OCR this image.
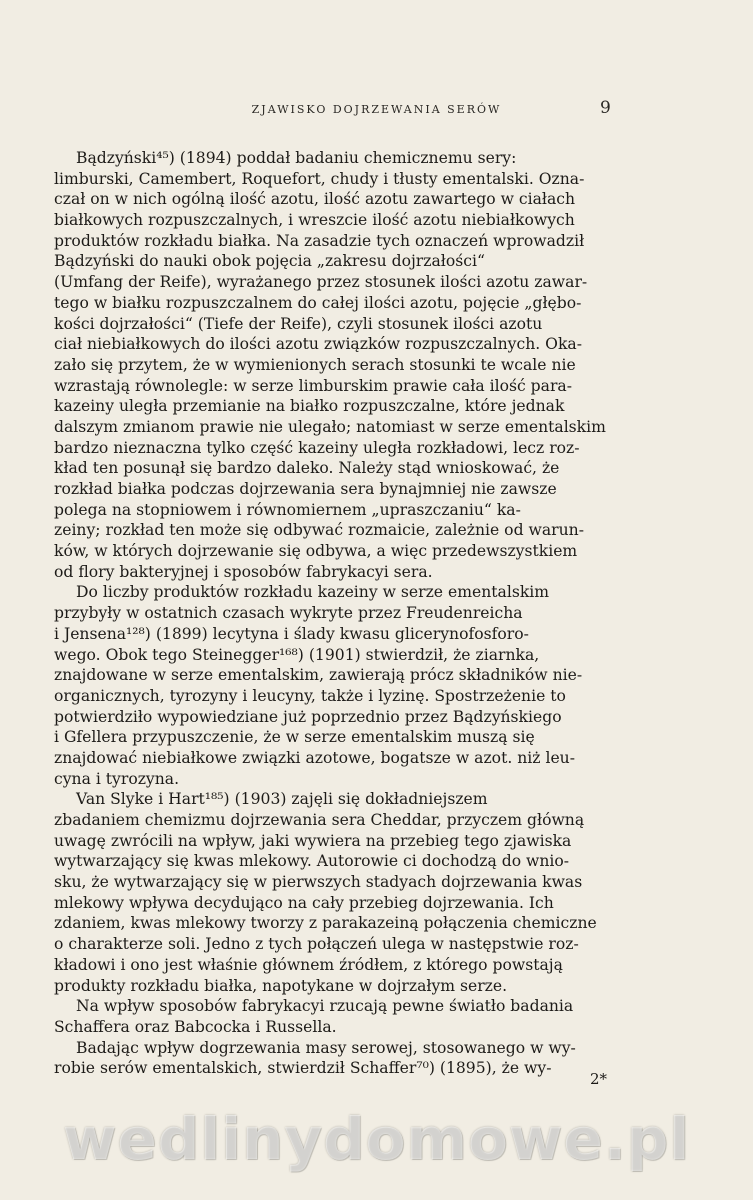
ZJAWISKO DOJRZEWANIA SERÓW	9
Bądzyński⁴⁵) (1894) poddał badaniu chemicznemu sery:
limburski, Camembert, Roquefort, chudy i tłusty ementalski. Ozna-
czał on w nich ogólną ilość azotu, ilość azotu zawartego w ciałach
białkowych rozpuszczalnych, i wreszcie ilość azotu niebiałkowych
produktów rozkładu białka. Na zasadzie tych oznaczeń wprowadził
Bądzyński do nauki obok pojęcia „zakresu dojrzałości“
(Umfang der Reife), wyrażanego przez stosunek ilości azotu zawar-
tego w białku rozpuszczalnem do całej ilości azotu, pojęcie „głębo-
kości dojrzałości“ (Tiefe der Reife), czyli stosunek ilości azotu
ciał niebiałkowych do ilości azotu związków rozpuszczalnych. Oka-
zało się przytem, że w wymienionych serach stosunki te wcale nie
wzrastają równolegle: w serze limburskim prawie cała ilość para-
kazeiny uległa przemianie na białko rozpuszczalne, które jednak
dalszym zmianom prawie nie ulegało; natomiast w serze ementalskim
bardzo nieznaczna tylko część kazeiny uległa rozkładowi, lecz roz-
kład ten posunął się bardzo daleko. Należy stąd wnioskować, że
rozkład białka podczas dojrzewania sera bynajmniej nie zawsze
polega na stopniowem i równomiernem „upraszczaniu“ ka-
zeiny; rozkład ten może się odbywać rozmaicie, zależnie od warun-
ków, w których dojrzewanie się odbywa, a więc przedewszystkiem
od flory bakteryjnej i sposobów fabrykacyi sera.
Do liczby produktów rozkładu kazeiny w serze ementalskim
przybyły w ostatnich czasach wykryte przez Freudenreicha
i Jensena¹²⁸) (1899) lecytyna i ślady kwasu glicerynofosforo-
wego. Obok tego Steinegger¹⁶⁸) (1901) stwierdził, że ziarnka,
znajdowane w serze ementalskim, zawierają prócz składników nie-
organicznych, tyrozyny i leucyny, także i lyzinę. Spostrzeżenie to
potwierdziło wypowiedziane już poprzednio przez Bądzyńskiego
i Gfellera przypuszczenie, że w serze ementalskim muszą się
znajdować niebiałkowe związki azotowe, bogatsze w azot. niż leu-
cyna i tyrozyna.
Van Slyke i Hart¹⁸⁵) (1903) zajęli się dokładniejszem
zbadaniem chemizmu dojrzewania sera Cheddar, przyczem główną
uwagę zwrócili na wpływ, jaki wywiera na przebieg tego zjawiska
wytwarzający się kwas mlekowy. Autorowie ci dochodzą do wnio-
sku, że wytwarzający się w pierwszych stadyach dojrzewania kwas
mlekowy wpływa decydująco na cały przebieg dojrzewania. Ich
zdaniem, kwas mlekowy tworzy z parakazeiną połączenia chemiczne
o charakterze soli. Jedno z tych połączeń ulega w następstwie roz-
kładowi i ono jest właśnie głównem źródłem, z którego powstają
produkty rozkładu białka, napotykane w dojrzałym serze.
Na wpływ sposobów fabrykacyi rzucają pewne światło badania
Schaffera oraz Babcocka i Russella.
Badając wpływ dogrzewania masy serowej, stosowanego w wy-
robie serów ementalskich, stwierdził Schaffer⁷⁰) (1895), że wy-
2*
wedlinydomowe.pl
